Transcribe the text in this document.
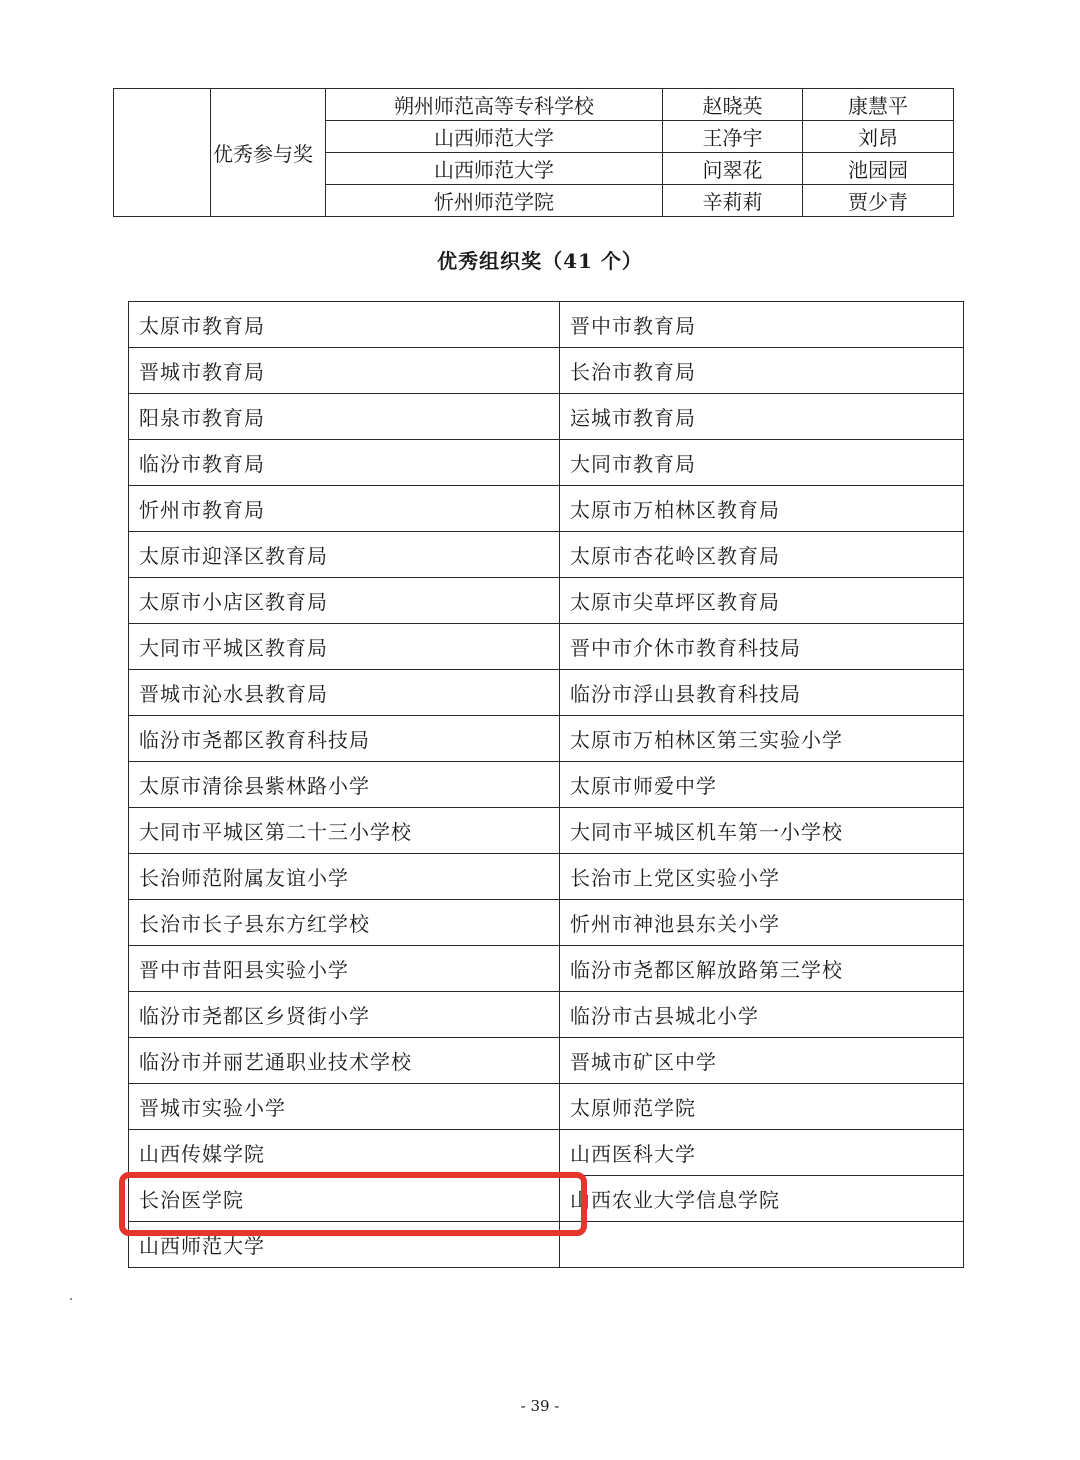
	优秀参与奖	朔州师范高等专科学校	赵晓英	康慧平
		山西师范大学	王净宇	刘昂
		山西师范大学	问翠花	池园园
		忻州师范学院	辛莉莉	贾少青
优秀组织奖（41 个）
太原市教育局	晋中市教育局
晋城市教育局	长治市教育局
阳泉市教育局	运城市教育局
临汾市教育局	大同市教育局
忻州市教育局	太原市万柏林区教育局
太原市迎泽区教育局	太原市杏花岭区教育局
太原市小店区教育局	太原市尖草坪区教育局
大同市平城区教育局	晋中市介休市教育科技局
晋城市沁水县教育局	临汾市浮山县教育科技局
临汾市尧都区教育科技局	太原市万柏林区第三实验小学
太原市清徐县紫林路小学	太原市师爱中学
大同市平城区第二十三小学校	大同市平城区机车第一小学校
长治师范附属友谊小学	长治市上党区实验小学
长治市长子县东方红学校	忻州市神池县东关小学
晋中市昔阳县实验小学	临汾市尧都区解放路第三学校
临汾市尧都区乡贤街小学	临汾市古县城北小学
临汾市并丽艺通职业技术学校	晋城市矿区中学
晋城市实验小学	太原师范学院
山西传媒学院	山西医科大学
长治医学院	山西农业大学信息学院
山西师范大学	
- 39 -
